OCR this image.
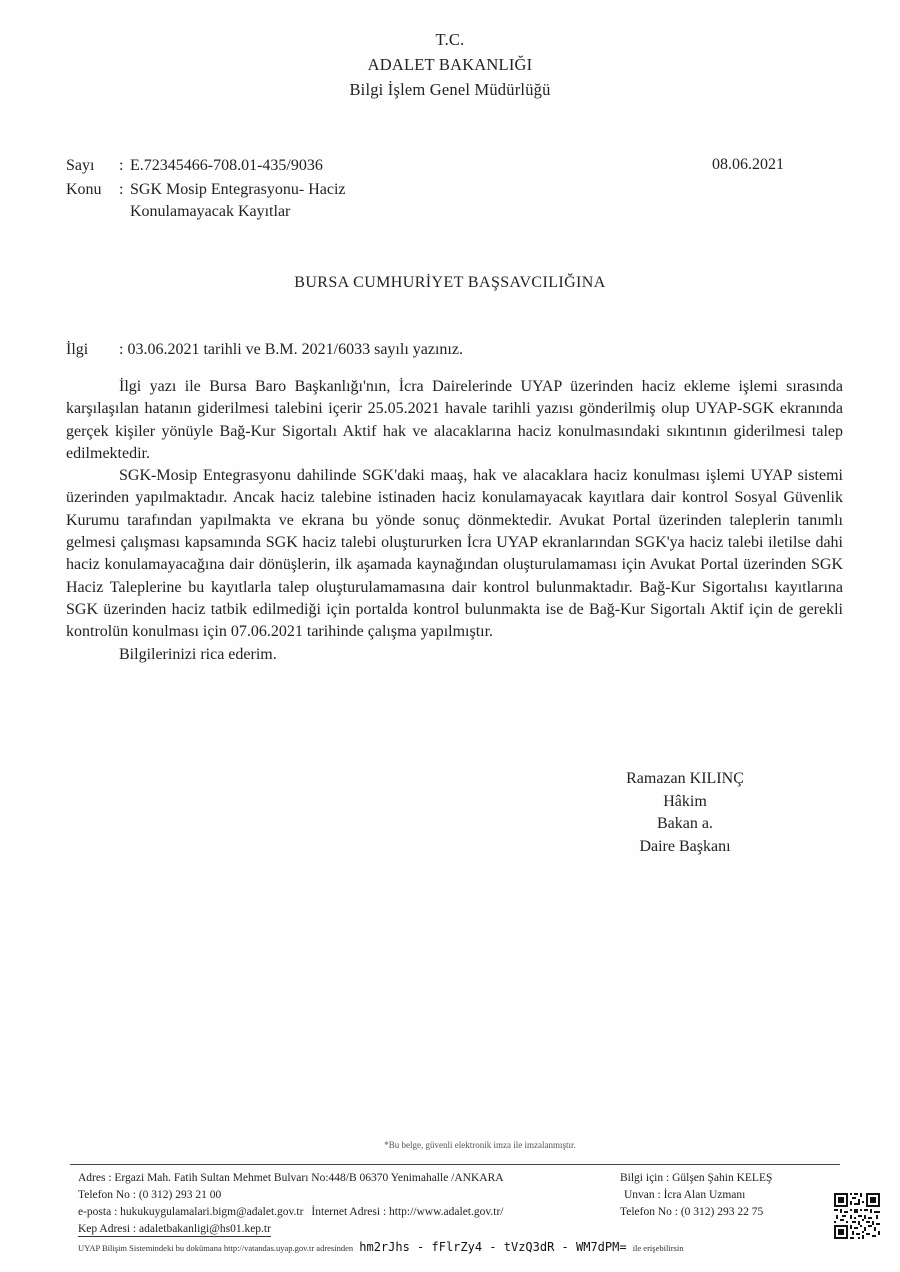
T.C.
ADALET BAKANLIĞI
Bilgi İşlem Genel Müdürlüğü
Sayı : E.72345466-708.01-435/9036	08.06.2021
Konu : SGK Mosip Entegrasyonu- Haciz
Konulamayacak Kayıtlar
BURSA CUMHURİYET BAŞSAVCILIĞINA
İlgi : 03.06.2021 tarihli ve B.M. 2021/6033 sayılı yazınız.

İlgi yazı ile Bursa Baro Başkanlığı'nın, İcra Dairelerinde UYAP üzerinden haciz ekleme işlemi sırasında karşılaşılan hatanın giderilmesi talebini içerir 25.05.2021 havale tarihli yazısı gönderilmiş olup UYAP-SGK ekranında gerçek kişiler yönüyle Bağ-Kur Sigortalı Aktif hak ve alacaklarına haciz konulmasındaki sıkıntının giderilmesi talep edilmektedir.

SGK-Mosip Entegrasyonu dahilinde SGK'daki maaş, hak ve alacaklara haciz konulması işlemi UYAP sistemi üzerinden yapılmaktadır. Ancak haciz talebine istinaden haciz konulamayacak kayıtlara dair kontrol Sosyal Güvenlik Kurumu tarafından yapılmakta ve ekrana bu yönde sonuç dönmektedir. Avukat Portal üzerinden taleplerin tanımlı gelmesi çalışması kapsamında SGK haciz talebi oluştururken İcra UYAP ekranlarından SGK'ya haciz talebi iletilse dahi haciz konulamayacağına dair dönüşlerin, ilk aşamada kaynağından oluşturulamaması için Avukat Portal üzerinden SGK Haciz Taleplerine bu kayıtlarla talep oluşturulamamasına dair kontrol bulunmaktadır. Bağ-Kur Sigortalısı kayıtlarına SGK üzerinden haciz tatbik edilmediği için portalda kontrol bulunmakta ise de Bağ-Kur Sigortalı Aktif için de gerekli kontrolün konulması için 07.06.2021 tarihinde çalışma yapılmıştır.

Bilgilerinizi rica ederim.

Ramazan KILINÇ
Hâkim
Bakan a.
Daire Başkanı
*Bu belge, güvenli elektronik imza ile imzalanmıştır.
Adres : Ergazi Mah. Fatih Sultan Mehmet Bulvarı No:448/B 06370 Yenimahalle /ANKARA
Telefon No : (0 312) 293 21 00
e-posta : hukukuygulamalari.bigm@adalet.gov.tr İnternet Adresi : http://www.adalet.gov.tr/
Kep Adresi : adaletbakanligi@hs01.kep.tr
Bilgi için : Gülşen Şahin KELEŞ
Unvan : İcra Alan Uzmanı
Telefon No : (0 312) 293 22 75
UYAP Bilişim Sistemindeki bu dokümana http://vatandas.uyap.gov.tr adresinden hm2rJhs - fFlrZy4 - tVzQ3dR - WM7dPM= ile erişebilirsin
